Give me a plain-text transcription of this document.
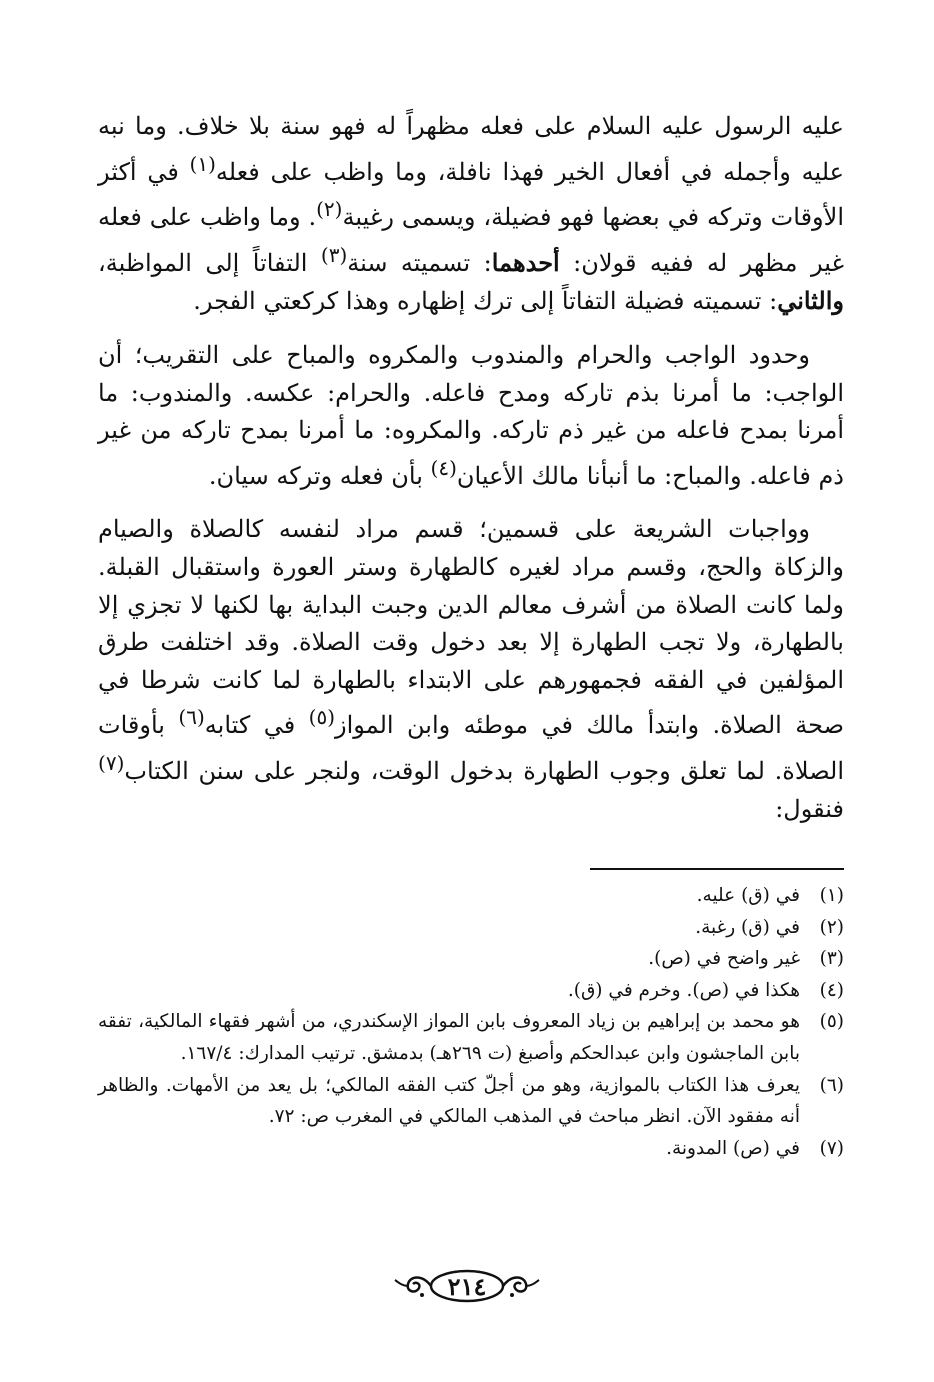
عليه الرسول عليه السلام على فعله مظهراً له فهو سنة بلا خلاف. وما نبه عليه وأجمله في أفعال الخير فهذا نافلة، وما واظب على فعله$^{(١)}$ في أكثر الأوقات وتركه في بعضها فهو فضيلة، ويسمى رغيبة$^{(٢)}$. وما واظب على فعله غير مظهر له ففيه قولان: أحدهما: تسميته سنة$^{(٣)}$ التفاتاً إلى المواظبة، والثاني: تسميته فضيلة التفاتاً إلى ترك إظهاره وهذا كركعتي الفجر.

وحدود الواجب والحرام والمندوب والمكروه والمباح على التقريب؛ أن الواجب: ما أمرنا بذم تاركه ومدح فاعله. والحرام: عكسه. والمندوب: ما أمرنا بمدح فاعله من غير ذم تاركه. والمكروه: ما أمرنا بمدح تاركه من غير ذم فاعله. والمباح: ما أنبأنا مالك الأعيان$^{(٤)}$ بأن فعله وتركه سيان.

وواجبات الشريعة على قسمين؛ قسم مراد لنفسه كالصلاة والصيام والزكاة والحج، وقسم مراد لغيره كالطهارة وستر العورة واستقبال القبلة. ولما كانت الصلاة من أشرف معالم الدين وجبت البداية بها لكنها لا تجزي إلا بالطهارة، ولا تجب الطهارة إلا بعد دخول وقت الصلاة. وقد اختلفت طرق المؤلفين في الفقه فجمهورهم على الابتداء بالطهارة لما كانت شرطا في صحة الصلاة. وابتدأ مالك في موطئه وابن المواز$^{(٥)}$ في كتابه$^{(٦)}$ بأوقات الصلاة. لما تعلق وجوب الطهارة بدخول الوقت، ولنجر على سنن الكتاب$^{(٧)}$ فنقول:

(١)
في (ق) عليه.
(٢)
في (ق) رغبة.
(٣)
غير واضح في (ص).
(٤)
هكذا في (ص). وخرم في (ق).
(٥)
هو محمد بن إبراهيم بن زياد المعروف بابن المواز الإسكندري، من أشهر فقهاء المالكية، تفقه بابن الماجشون وابن عبدالحكم وأصبغ (ت ٢٦٩هـ) بدمشق. ترتيب المدارك: ١٦٧/٤.
(٦)
يعرف هذا الكتاب بالموازية، وهو من أجلّ كتب الفقه المالكي؛ بل يعد من الأمهات. والظاهر أنه مفقود الآن. انظر مباحث في المذهب المالكي في المغرب ص: ٧٢.
(٧)
في (ص) المدونة.
٢١٤
